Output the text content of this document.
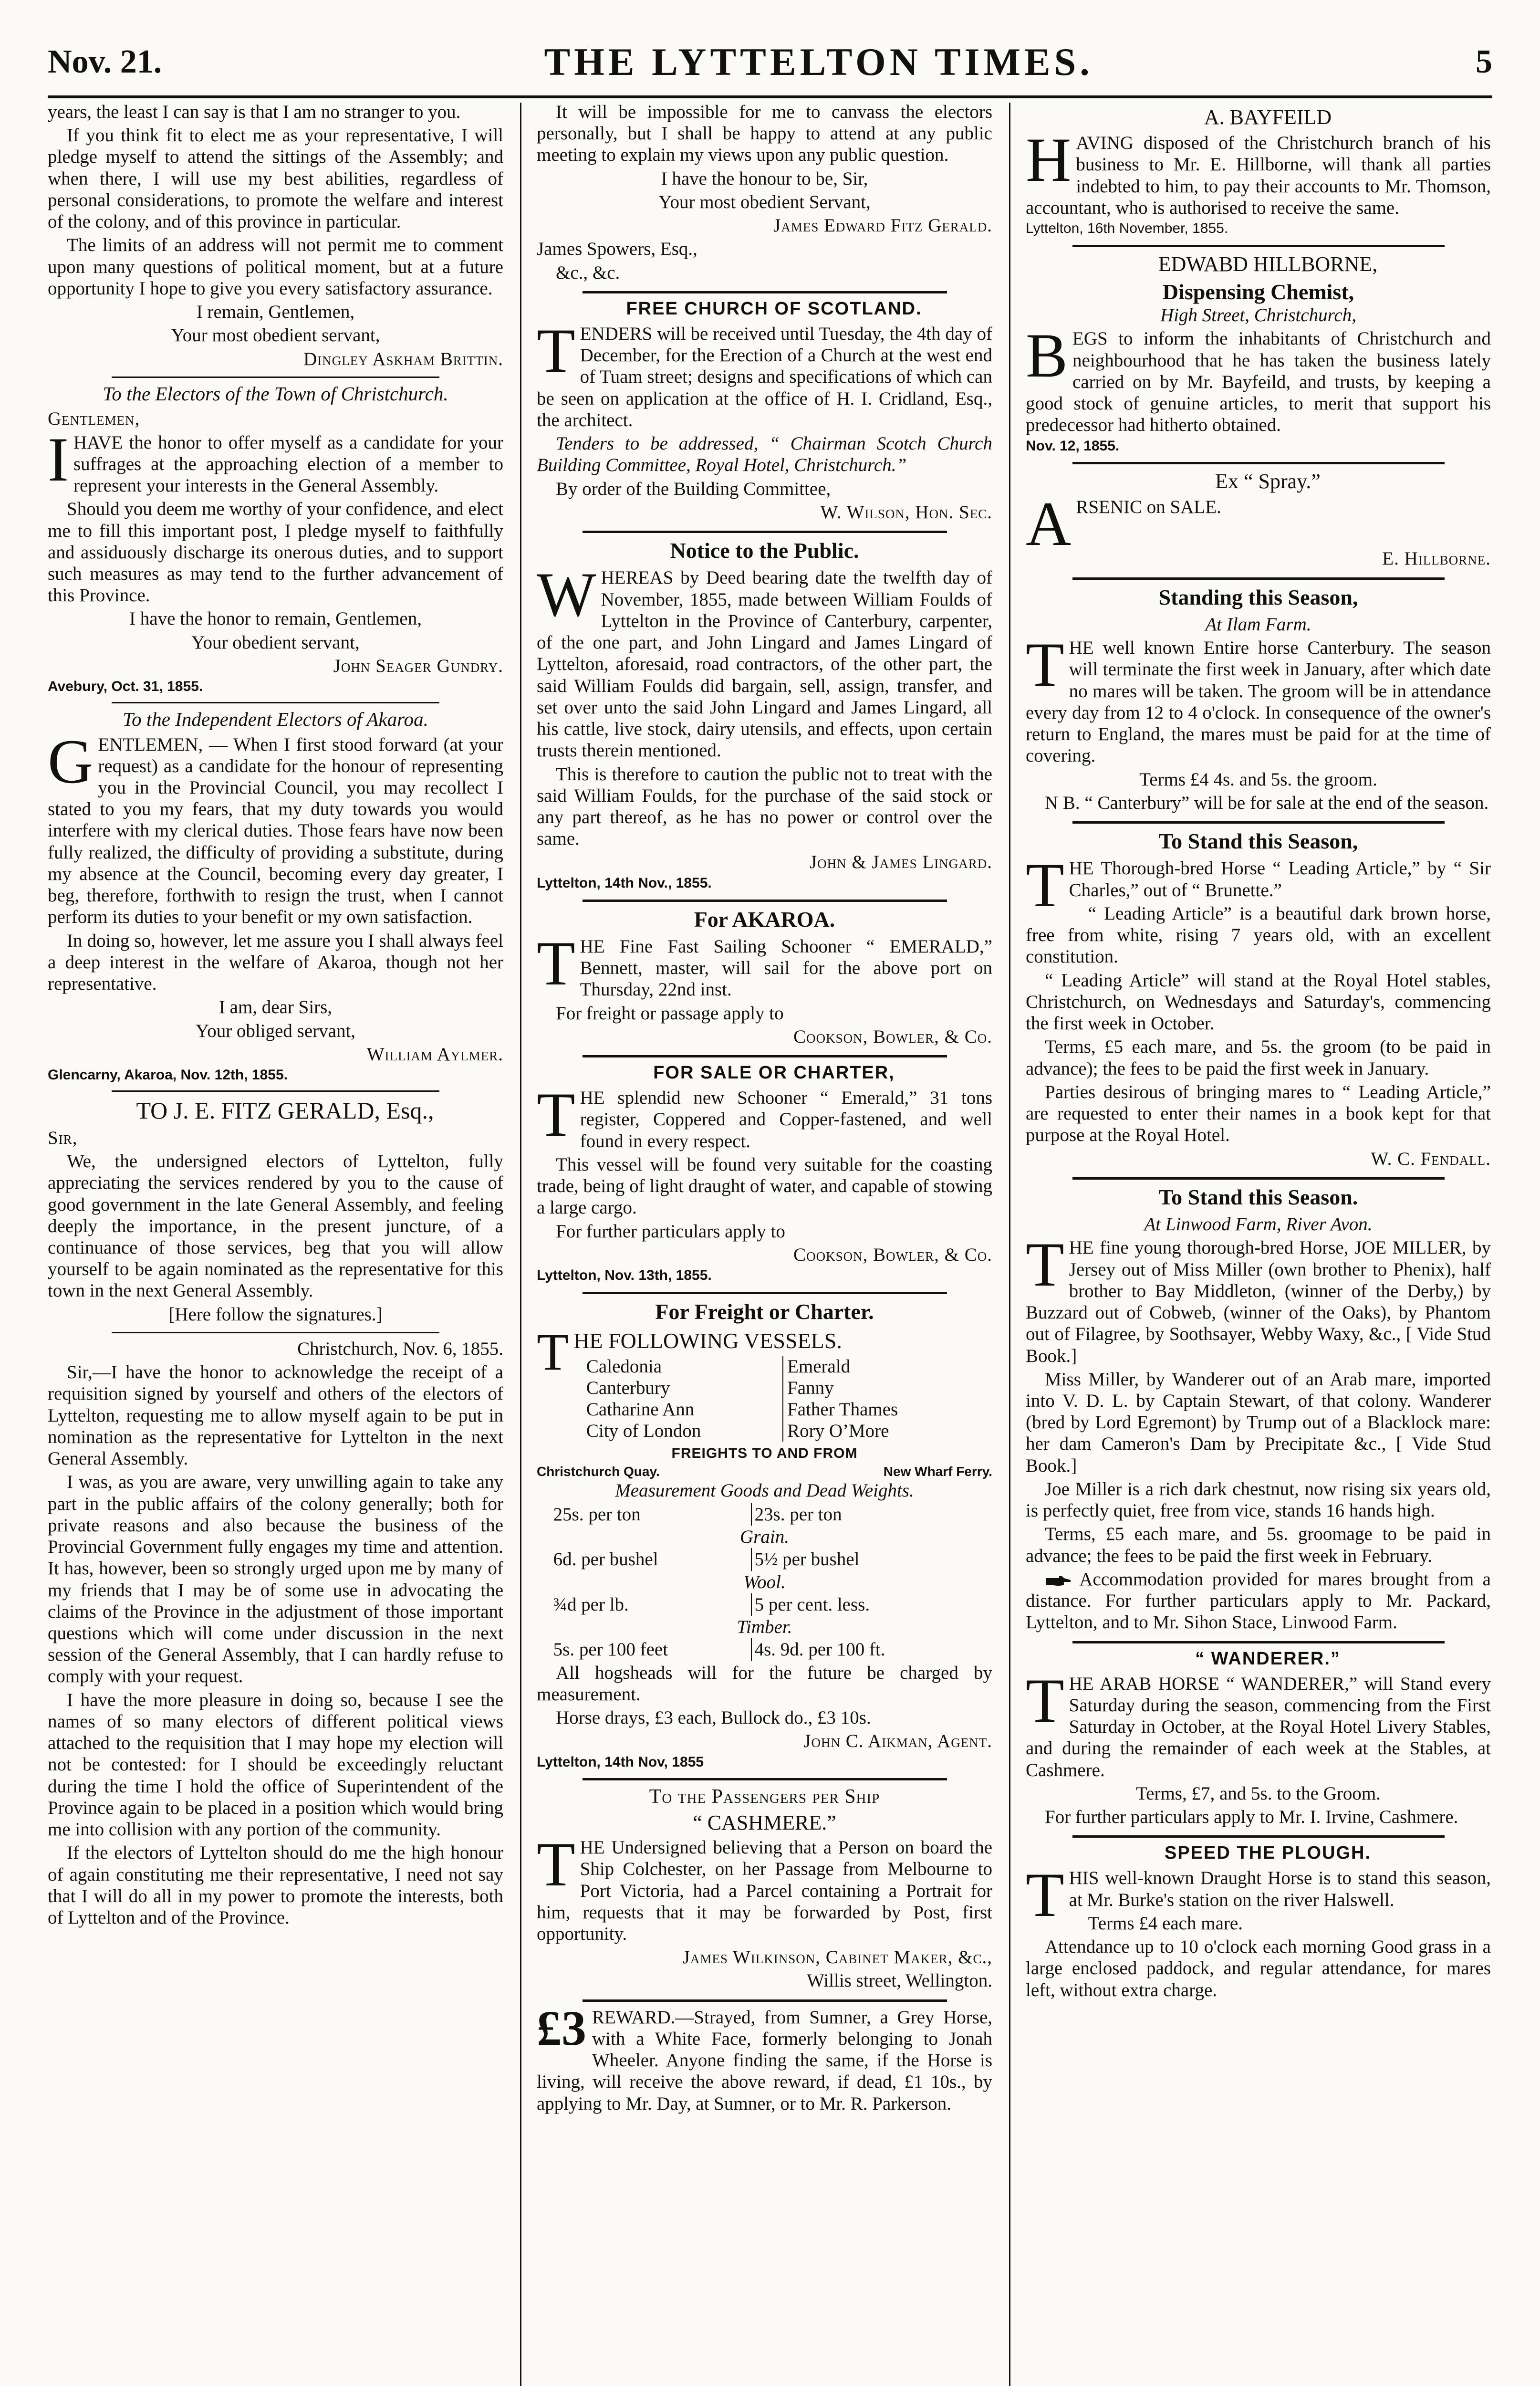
Nov. 21.	THE LYTTELTON TIMES.	5

years, the least I can say is that I am no stranger to you.

If you think fit to elect me as your representative, I will pledge myself to attend the sittings of the Assembly; and when there, I will use my best abilities, regardless of personal considerations, to promote the welfare and interest of the colony, and of this province in particular.

The limits of an address will not permit me to comment upon many questions of political moment, but at a future opportunity I hope to give you every satisfactory assurance.

I remain, Gentlemen,

Your most obedient servant,

Dingley Askham Brittin.

To the Electors of the Town of Christchurch.

Gentlemen,

IHAVE the honor to offer myself as a candidate for your suffrages at the approaching election of a member to represent your interests in the General Assembly.

Should you deem me worthy of your confidence, and elect me to fill this important post, I pledge myself to faithfully and assiduously discharge its onerous duties, and to support such measures as may tend to the further advancement of this Province.

I have the honor to remain, Gentlemen,

Your obedient servant,

John Seager Gundry.

Avebury, Oct. 31, 1855.

To the Independent Electors of Akaroa.

GENTLEMEN, — When I first stood forward (at your request) as a candidate for the honour of representing you in the Provincial Council, you may recollect I stated to you my fears, that my duty towards you would interfere with my clerical duties. Those fears have now been fully realized, the difficulty of providing a substitute, during my absence at the Council, becoming every day greater, I beg, therefore, forthwith to resign the trust, when I cannot perform its duties to your benefit or my own satisfaction.

In doing so, however, let me assure you I shall always feel a deep interest in the welfare of Akaroa, though not her representative.

I am, dear Sirs,

Your obliged servant,

William Aylmer.

Glencarny, Akaroa, Nov. 12th, 1855.

TO J. E. FITZ GERALD, Esq.,

Sir,

We, the undersigned electors of Lyttelton, fully appreciating the services rendered by you to the cause of good government in the late General Assembly, and feeling deeply the importance, in the present juncture, of a continuance of those services, beg that you will allow yourself to be again nominated as the representative for this town in the next General Assembly.

[Here follow the signatures.]

Christchurch, Nov. 6, 1855.

Sir,—I have the honor to acknowledge the receipt of a requisition signed by yourself and others of the electors of Lyttelton, requesting me to allow myself again to be put in nomination as the representative for Lyttelton in the next General Assembly.

I was, as you are aware, very unwilling again to take any part in the public affairs of the colony generally; both for private reasons and also because the business of the Provincial Government fully engages my time and attention. It has, however, been so strongly urged upon me by many of my friends that I may be of some use in advocating the claims of the Province in the adjustment of those important questions which will come under discussion in the next session of the General Assembly, that I can hardly refuse to comply with your request.

I have the more pleasure in doing so, because I see the names of so many electors of different political views attached to the requisition that I may hope my election will not be contested: for I should be exceedingly reluctant during the time I hold the office of Superintendent of the Province again to be placed in a position which would bring me into collision with any portion of the community.

If the electors of Lyttelton should do me the high honour of again constituting me their representative, I need not say that I will do all in my power to promote the interests, both of Lyttelton and of the Province.

It will be impossible for me to canvass the electors personally, but I shall be happy to attend at any public meeting to explain my views upon any public question.

I have the honour to be, Sir,

Your most obedient Servant,

James Edward Fitz Gerald.

James Spowers, Esq.,

&c., &c.

FREE CHURCH OF SCOTLAND.

TENDERS will be received until Tuesday, the 4th day of December, for the Erection of a Church at the west end of Tuam street; designs and specifications of which can be seen on application at the office of H. I. Cridland, Esq., the architect.

Tenders to be addressed, “ Chairman Scotch Church Building Committee, Royal Hotel, Christchurch.”

By order of the Building Committee,

W. Wilson, Hon. Sec.

Notice to the Public.

WHEREAS by Deed bearing date the twelfth day of November, 1855, made between William Foulds of Lyttelton in the Province of Canterbury, carpenter, of the one part, and John Lingard and James Lingard of Lyttelton, aforesaid, road contractors, of the other part, the said William Foulds did bargain, sell, assign, transfer, and set over unto the said John Lingard and James Lingard, all his cattle, live stock, dairy utensils, and effects, upon certain trusts therein mentioned.

This is therefore to caution the public not to treat with the said William Foulds, for the purchase of the said stock or any part thereof, as he has no power or control over the same.

John & James Lingard.

Lyttelton, 14th Nov., 1855.

For AKAROA.

THE Fine Fast Sailing Schooner “ EMERALD,” Bennett, master, will sail for the above port on Thursday, 22nd inst.

For freight or passage apply to

Cookson, Bowler, & Co.

FOR SALE OR CHARTER,

THE splendid new Schooner “ Emerald,” 31 tons register, Coppered and Copper-fastened, and well found in every respect.

This vessel will be found very suitable for the coasting trade, being of light draught of water, and capable of stowing a large cargo.

For further particulars apply to

Cookson, Bowler, & Co.

Lyttelton, Nov. 13th, 1855.

For Freight or Charter.

THE FOLLOWING VESSELS.

Caledonia	Emerald
Canterbury	Fanny
Catharine Ann	Father Thames
City of London	Rory O’More

FREIGHTS TO AND FROM

Christchurch Quay.	New Wharf Ferry.

Measurement Goods and Dead Weights.

25s. per ton	23s. per ton
Grain.	
6d. per bushel	5½ per bushel
Wool.	
¾d per lb.	5 per cent. less.
Timber.	
5s. per 100 feet	4s. 9d. per 100 ft.

All hogsheads will for the future be charged by measurement.

Horse drays, £3 each, Bullock do., £3 10s.

John C. Aikman, Agent.

Lyttelton, 14th Nov, 1855

To the Passengers per Ship

“ CASHMERE.”

THE Undersigned believing that a Person on board the Ship Colchester, on her Passage from Melbourne to Port Victoria, had a Parcel containing a Portrait for him, requests that it may be forwarded by Post, first opportunity.

James Wilkinson, Cabinet Maker, &c.,

Willis street, Wellington.

£3 REWARD.—Strayed, from Sumner, a Grey Horse, with a White Face, formerly belonging to Jonah Wheeler. Anyone finding the same, if the Horse is living, will receive the above reward, if dead, £1 10s., by applying to Mr. Day, at Sumner, or to Mr. R. Parkerson.

A. BAYFEILD

HAVING disposed of the Christchurch branch of his business to Mr. E. Hillborne, will thank all parties indebted to him, to pay their accounts to Mr. Thomson, accountant, who is authorised to receive the same.

Lyttelton, 16th November, 1855.

EDWABD HILLBORNE,

Dispensing Chemist,

High Street, Christchurch,

BEGS to inform the inhabitants of Christchurch and neighbourhood that he has taken the business lately carried on by Mr. Bayfeild, and trusts, by keeping a good stock of genuine articles, to merit that support his predecessor had hitherto obtained.

Nov. 12, 1855.

Ex “ Spray.”

ARSENIC on SALE.

E. Hillborne.

Standing this Season,

At Ilam Farm.

THE well known Entire horse Canterbury. The season will terminate the first week in January, after which date no mares will be taken. The groom will be in attendance every day from 12 to 4 o'clock. In consequence of the owner's return to England, the mares must be paid for at the time of covering.

Terms £4 4s. and 5s. the groom.

N B. “ Canterbury” will be for sale at the end of the season.

To Stand this Season,

THE Thorough-bred Horse “ Leading Article,” by “ Sir Charles,” out of “ Brunette.”

“ Leading Article” is a beautiful dark brown horse, free from white, rising 7 years old, with an excellent constitution.

“ Leading Article” will stand at the Royal Hotel stables, Christchurch, on Wednesdays and Saturday's, commencing the first week in October.

Terms, £5 each mare, and 5s. the groom (to be paid in advance); the fees to be paid the first week in January.

Parties desirous of bringing mares to “ Leading Article,” are requested to enter their names in a book kept for that purpose at the Royal Hotel.

W. C. Fendall.

To Stand this Season.

At Linwood Farm, River Avon.

THE fine young thorough-bred Horse, JOE MILLER, by Jersey out of Miss Miller (own brother to Phenix), half brother to Bay Middleton, (winner of the Derby,) by Buzzard out of Cobweb, (winner of the Oaks), by Phantom out of Filagree, by Soothsayer, Webby Waxy, &c., [ Vide Stud Book.]

Miss Miller, by Wanderer out of an Arab mare, imported into V. D. L. by Captain Stewart, of that colony. Wanderer (bred by Lord Egremont) by Trump out of a Blacklock mare: her dam Cameron's Dam by Precipitate &c., [ Vide Stud Book.]

Joe Miller is a rich dark chestnut, now rising six years old, is perfectly quiet, free from vice, stands 16 hands high.

Terms, £5 each mare, and 5s. groomage to be paid in advance; the fees to be paid the first week in February.

Accommodation provided for mares brought from a distance. For further particulars apply to Mr. Packard, Lyttelton, and to Mr. Sihon Stace, Linwood Farm.

“ WANDERER.”

THE ARAB HORSE “ WANDERER,” will Stand every Saturday during the season, commencing from the First Saturday in October, at the Royal Hotel Livery Stables, and during the remainder of each week at the Stables, at Cashmere.

Terms, £7, and 5s. to the Groom.

For further particulars apply to Mr. I. Irvine, Cashmere.

SPEED THE PLOUGH.

THIS well-known Draught Horse is to stand this season, at Mr. Burke's station on the river Halswell.

Terms £4 each mare.

Attendance up to 10 o'clock each morning Good grass in a large enclosed paddock, and regular attendance, for mares left, without extra charge.
